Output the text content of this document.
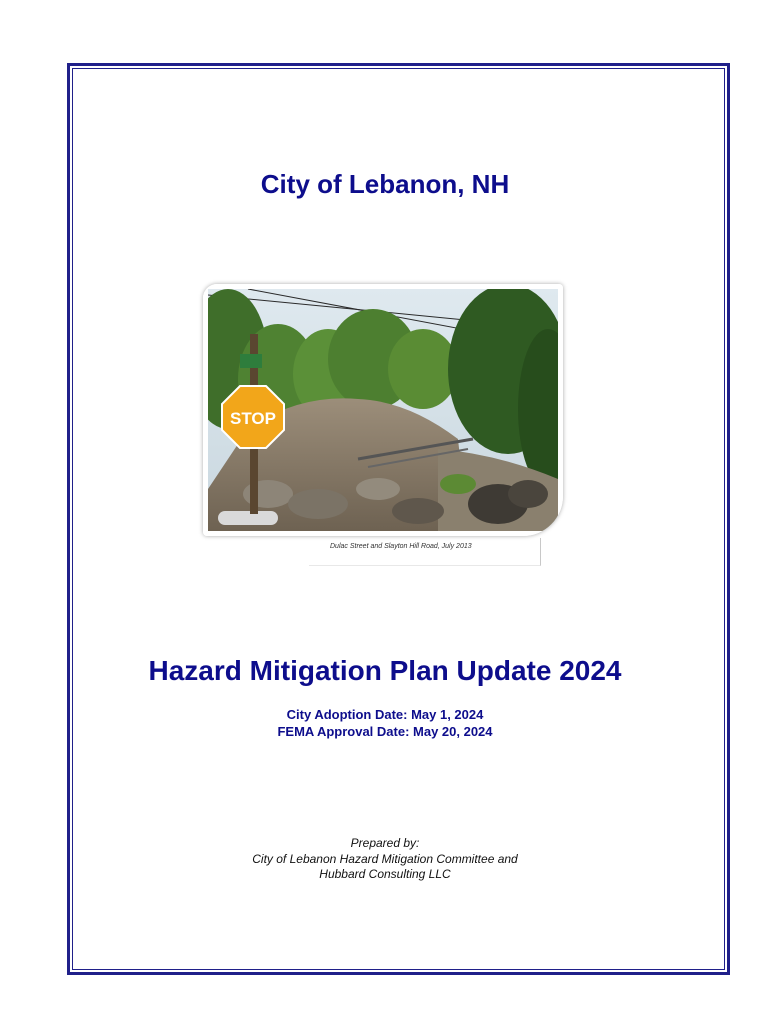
City of Lebanon, NH
STOP
Dulac Street and Slayton Hill Road, July 2013
Hazard Mitigation Plan Update 2024
City Adoption Date: May 1, 2024
FEMA Approval Date: May 20, 2024
Prepared by:
City of Lebanon Hazard Mitigation Committee and
Hubbard Consulting LLC
